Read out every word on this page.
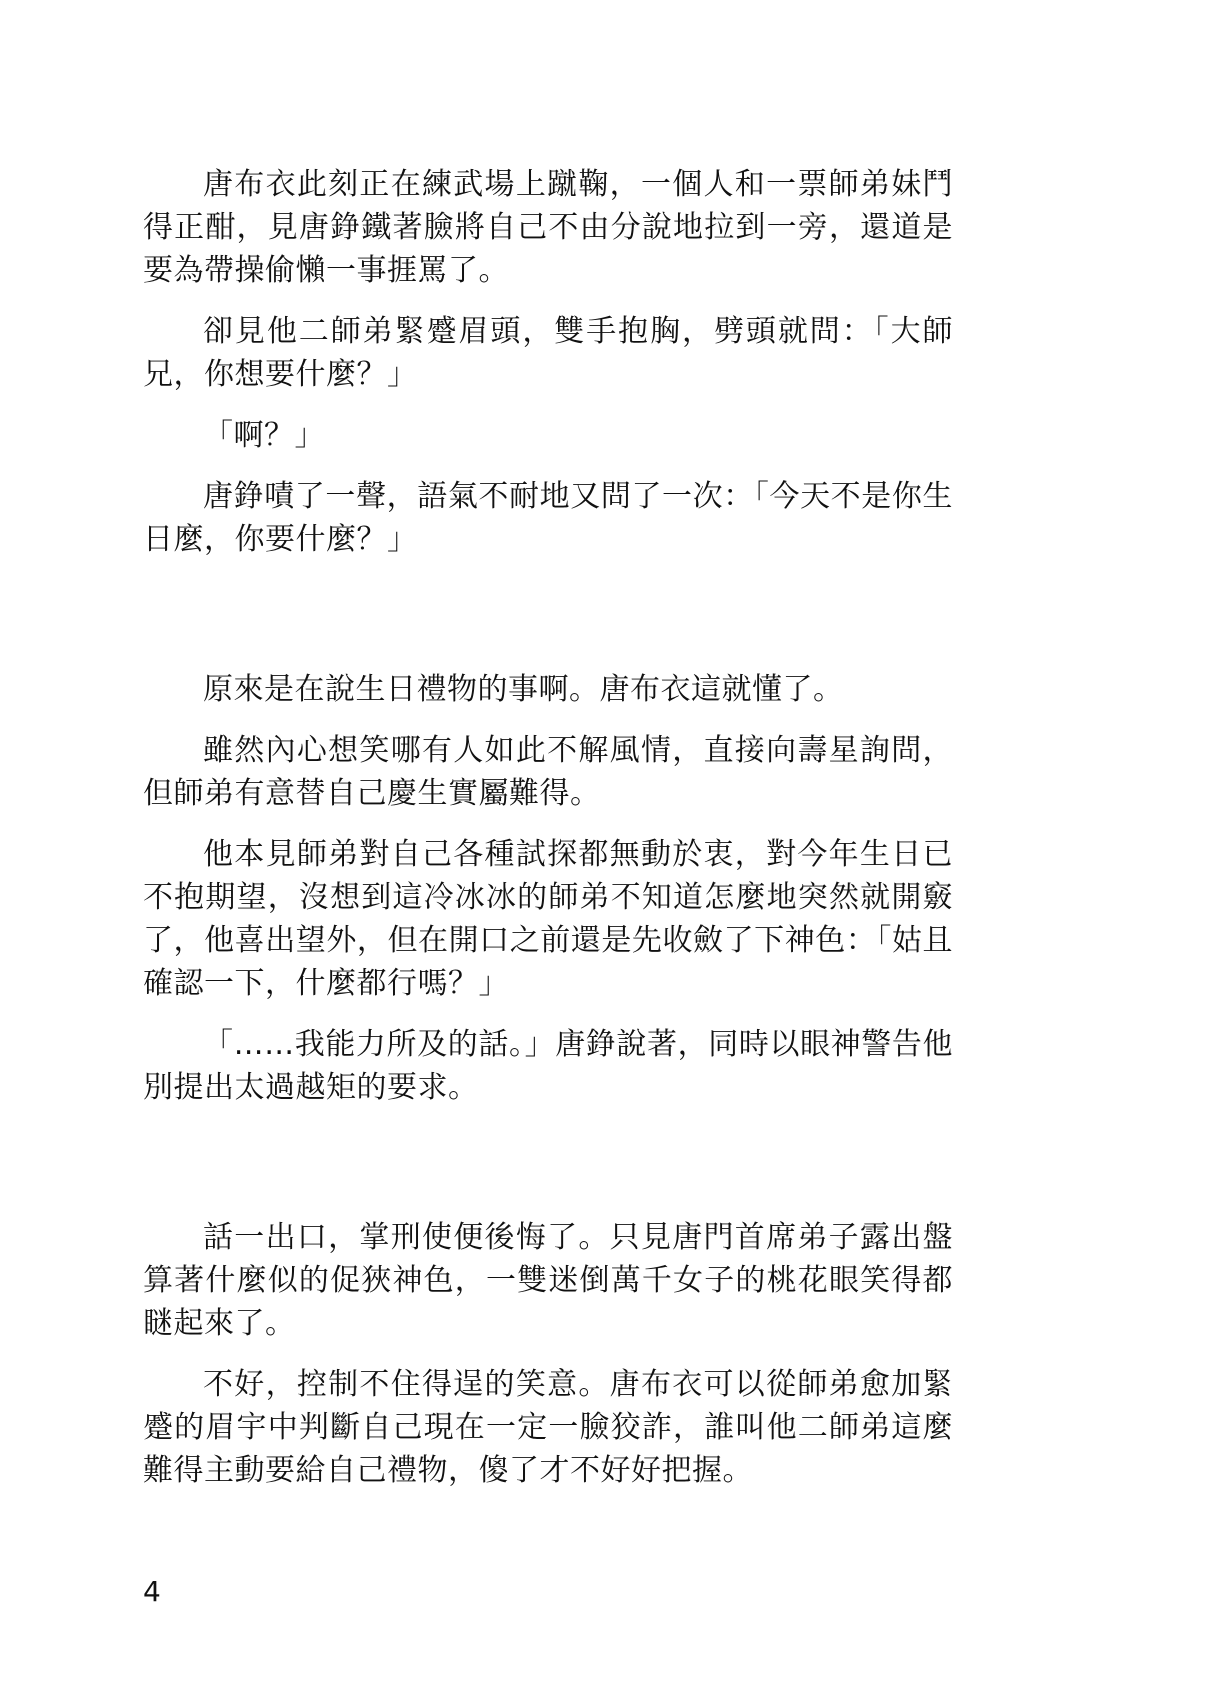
唐布衣此刻正在練武場上蹴鞠，一個人和一票師弟妹鬥得正酣，見唐錚鐵著臉將自己不由分說地拉到一旁，還道是要為帶操偷懶一事捱罵了。

卻見他二師弟緊蹙眉頭，雙手抱胸，劈頭就問：「大師兄，你想要什麼？」

「啊？」

唐錚嘖了一聲，語氣不耐地又問了一次：「今天不是你生日麼，你要什麼？」

原來是在說生日禮物的事啊。唐布衣這就懂了。

雖然內心想笑哪有人如此不解風情，直接向壽星詢問，但師弟有意替自己慶生實屬難得。

他本見師弟對自己各種試探都無動於衷，對今年生日已不抱期望，沒想到這冷冰冰的師弟不知道怎麼地突然就開竅了，他喜出望外，但在開口之前還是先收斂了下神色：「姑且確認一下，什麼都行嗎？」

「……我能力所及的話。」唐錚說著，同時以眼神警告他別提出太過越矩的要求。

話一出口，掌刑使便後悔了。只見唐門首席弟子露出盤算著什麼似的促狹神色，一雙迷倒萬千女子的桃花眼笑得都瞇起來了。

不好，控制不住得逞的笑意。唐布衣可以從師弟愈加緊蹙的眉宇中判斷自己現在一定一臉狡詐，誰叫他二師弟這麼難得主動要給自己禮物，傻了才不好好把握。

4
